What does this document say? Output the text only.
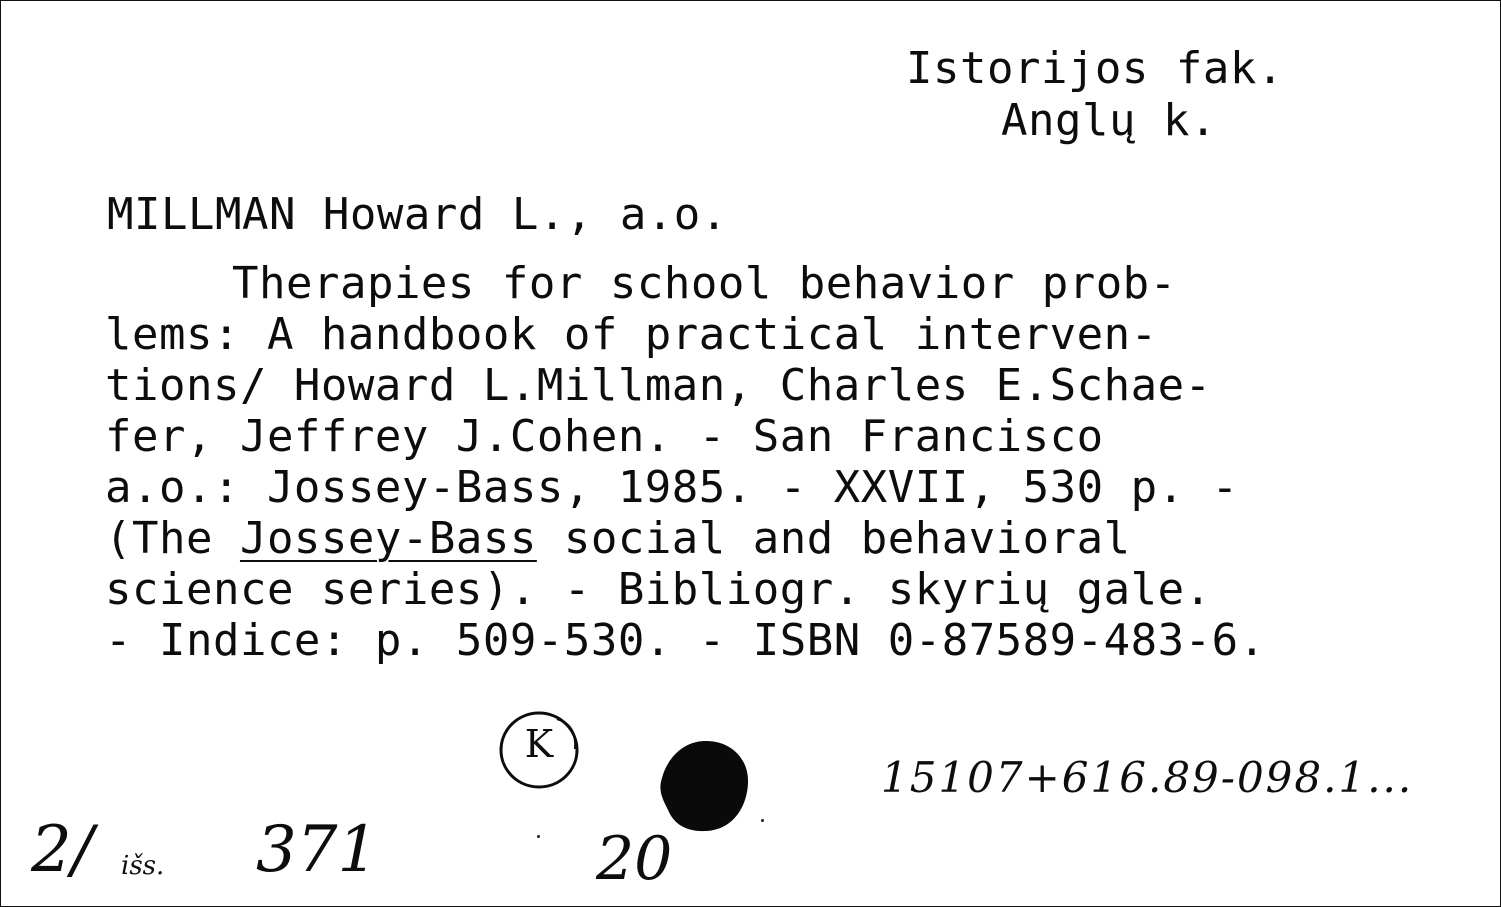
Istorijos fak.
Anglų k.
MILLMAN Howard L., a.o.
Therapies for school behavior prob-
lems: A handbook of practical interven-
tions/ Howard L.Millman, Charles E.Schae-
fer, Jeffrey J.Cohen. - San Francisco
a.o.: Jossey-Bass, 1985. - XXVII, 530 p. -
(The Jossey-Bass social and behavioral
science series). - Bibliogr. skyrių gale.
- Indice: p. 509-530. - ISBN 0-87589-483-6.
K
2/ išs. 371	20
15107+616.89-098.1...
